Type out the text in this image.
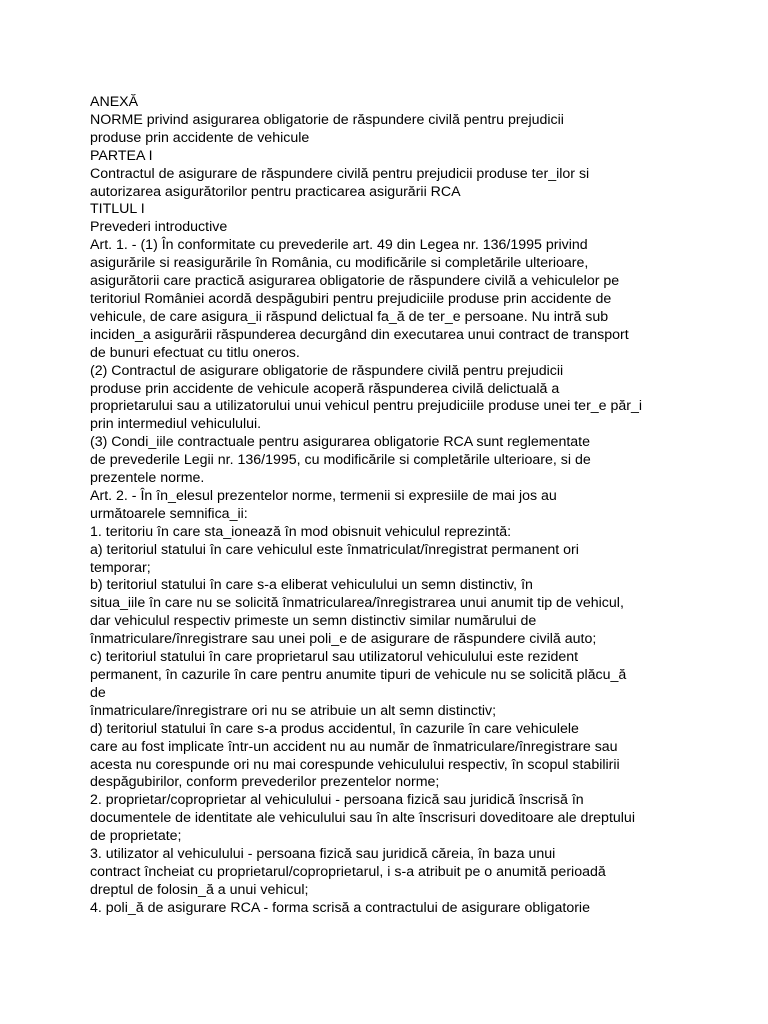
ANEXĂ
NORME privind asigurarea obligatorie de răspundere civilă pentru prejudicii
produse prin accidente de vehicule
PARTEA I
Contractul de asigurare de răspundere civilă pentru prejudicii produse ter_ilor si
autorizarea asigurătorilor pentru practicarea asigurării RCA
TITLUL I
Prevederi introductive
Art. 1. - (1) În conformitate cu prevederile art. 49 din Legea nr. 136/1995 privind
asigurările si reasigurările în România, cu modificările si completările ulterioare,
asigurătorii care practică asigurarea obligatorie de răspundere civilă a vehiculelor pe
teritoriul României acordă despăgubiri pentru prejudiciile produse prin accidente de
vehicule, de care asigura_ii răspund delictual fa_ă de ter_e persoane. Nu intră sub
inciden_a asigurării răspunderea decurgând din executarea unui contract de transport
de bunuri efectuat cu titlu oneros.
(2) Contractul de asigurare obligatorie de răspundere civilă pentru prejudicii
produse prin accidente de vehicule acoperă răspunderea civilă delictuală a
proprietarului sau a utilizatorului unui vehicul pentru prejudiciile produse unei ter_e păr_i
prin intermediul vehiculului.
(3) Condi_iile contractuale pentru asigurarea obligatorie RCA sunt reglementate
de prevederile Legii nr. 136/1995, cu modificările si completările ulterioare, si de
prezentele norme.
Art. 2. - În în_elesul prezentelor norme, termenii si expresiile de mai jos au
următoarele semnifica_ii:
1. teritoriu în care sta_ionează în mod obisnuit vehiculul reprezintă:
a) teritoriul statului în care vehiculul este înmatriculat/înregistrat permanent ori
temporar;
b) teritoriul statului în care s-a eliberat vehiculului un semn distinctiv, în
situa_iile în care nu se solicită înmatricularea/înregistrarea unui anumit tip de vehicul,
dar vehiculul respectiv primeste un semn distinctiv similar numărului de
înmatriculare/înregistrare sau unei poli_e de asigurare de răspundere civilă auto;
c) teritoriul statului în care proprietarul sau utilizatorul vehiculului este rezident
permanent, în cazurile în care pentru anumite tipuri de vehicule nu se solicită plăcu_ă
de
înmatriculare/înregistrare ori nu se atribuie un alt semn distinctiv;
d) teritoriul statului în care s-a produs accidentul, în cazurile în care vehiculele
care au fost implicate într-un accident nu au număr de înmatriculare/înregistrare sau
acesta nu corespunde ori nu mai corespunde vehiculului respectiv, în scopul stabilirii
despăgubirilor, conform prevederilor prezentelor norme;
2. proprietar/coproprietar al vehiculului - persoana fizică sau juridică înscrisă în
documentele de identitate ale vehiculului sau în alte înscrisuri doveditoare ale dreptului
de proprietate;
3. utilizator al vehiculului - persoana fizică sau juridică căreia, în baza unui
contract încheiat cu proprietarul/coproprietarul, i s-a atribuit pe o anumită perioadă
dreptul de folosin_ă a unui vehicul;
4. poli_ă de asigurare RCA - forma scrisă a contractului de asigurare obligatorie
